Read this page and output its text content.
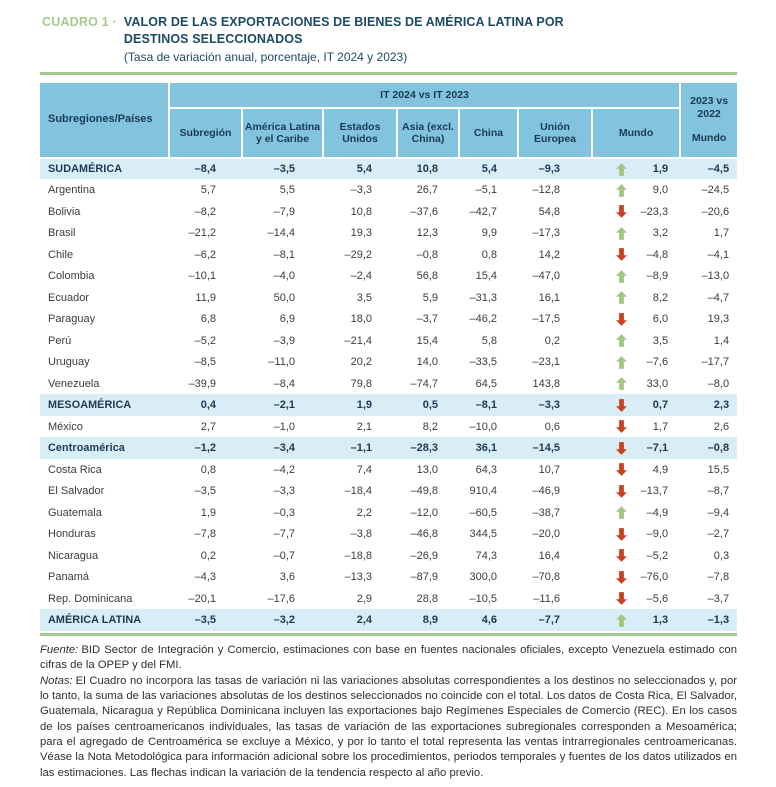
CUADRO 1 · VALOR DE LAS EXPORTACIONES DE BIENES DE AMÉRICA LATINA POR DESTINOS SELECCIONADOS
(Tasa de variación anual, porcentaje, IT 2024 y 2023)
Subregiones/Países	IT 2024 vs IT 2023							2023 vs 2022
Mundo

	Subregión	América Latina y el Caribe	Estados Unidos	Asia (excl. China)	China	Unión Europea	Mundo	
SUDAMÉRICA	–8,4	–3,5	5,4	10,8	5,4	–9,3	1,9	–4,5
Argentina	5,7	5,5	–3,3	26,7	–5,1	–12,8	9,0	–24,5
Bolivia	–8,2	–7,9	10,8	–37,6	–42,7	54,8	–23,3	–20,6
Brasil	–21,2	–14,4	19,3	12,3	9,9	–17,3	3,2	1,7
Chile	–6,2	–8,1	–29,2	–0,8	0,8	14,2	–4,8	–4,1
Colombia	–10,1	–4,0	–2,4	56,8	15,4	–47,0	–8,9	–13,0
Ecuador	11,9	50,0	3,5	5,9	–31,3	16,1	8,2	–4,7
Paraguay	6,8	6,9	18,0	–3,7	–46,2	–17,5	6,0	19,3
Perú	–5,2	–3,9	–21,4	15,4	5,8	0,2	3,5	1,4
Uruguay	–8,5	–11,0	20,2	14,0	–33,5	–23,1	–7,6	–17,7
Venezuela	–39,9	–8,4	79,8	–74,7	64,5	143,8	33,0	–8,0
MESOAMÉRICA	0,4	–2,1	1,9	0,5	–8,1	–3,3	0,7	2,3
México	2,7	–1,0	2,1	8,2	–10,0	0,6	1,7	2,6
Centroamérica	–1,2	–3,4	–1,1	–28,3	36,1	–14,5	–7,1	–0,8
Costa Rica	0,8	–4,2	7,4	13,0	64,3	10,7	4,9	15,5
El Salvador	–3,5	–3,3	–18,4	–49,8	910,4	–46,9	–13,7	–8,7
Guatemala	1,9	–0,3	2,2	–12,0	–60,5	–38,7	–4,9	–9,4
Honduras	–7,8	–7,7	–3,8	–46,8	344,5	–20,0	–9,0	–2,7
Nicaragua	0,2	–0,7	–18,8	–26,9	74,3	16,4	–5,2	0,3
Panamá	–4,3	3,6	–13,3	–87,9	300,0	–70,8	–76,0	–7,8
Rep. Dominicana	–20,1	–17,6	2,9	28,8	–10,5	–11,6	–5,6	–3,7
AMÉRICA LATINA	–3,5	–3,2	2,4	8,9	4,6	–7,7	1,3	–1,3

Fuente: BID Sector de Integración y Comercio, estimaciones con base en fuentes nacionales oficiales, excepto Venezuela estimado con cifras de la OPEP y del FMI.

Notas: El Cuadro no incorpora las tasas de variación ni las variaciones absolutas correspondientes a los destinos no seleccionados y, por lo tanto, la suma de las variaciones absolutas de los destinos seleccionados no coincide con el total. Los datos de Costa Rica, El Salvador, Guatemala, Nicaragua y República Dominicana incluyen las exportaciones bajo Regímenes Especiales de Comercio (REC). En los casos de los países centroamericanos individuales, las tasas de variación de las exportaciones subregionales corresponden a Mesoamérica; para el agregado de Centroamérica se excluye a México, y por lo tanto el total representa las ventas intrarregionales centroamericanas. Véase la Nota Metodológica para información adicional sobre los procedimientos, periodos temporales y fuentes de los datos utilizados en las estimaciones. Las flechas indican la variación de la tendencia respecto al año previo.
